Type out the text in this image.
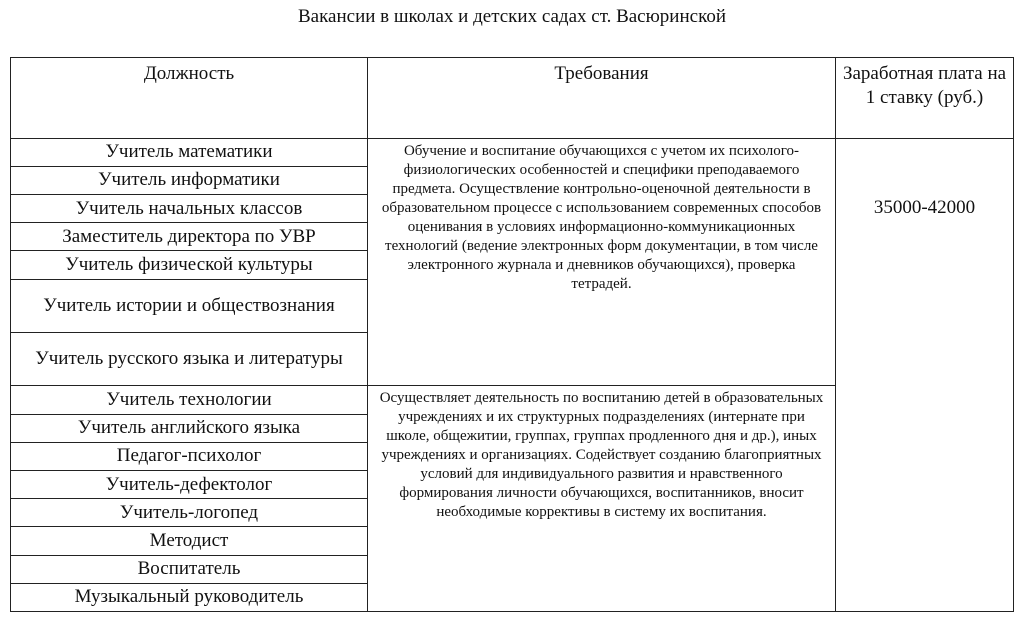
Вакансии в школах и детских садах ст. Васюринской
Должность	Требования	Заработная плата на 1 ставку (руб.)
Учитель математики	Обучение и воспитание обучающихся с учетом их психолого-физиологических особенностей и специфики преподаваемого предмета. Осуществление контрольно-оценочной деятельности в образовательном процессе с использованием современных способов оценивания в условиях информационно-коммуникационных технологий (ведение электронных форм документации, в том числе электронного журнала и дневников обучающихся), проверка тетрадей.	35000-42000
Учитель информатики		
Учитель начальных классов		
Заместитель директора по УВР		
Учитель физической культуры		
Учитель истории и обществознания		
Учитель русского языка и литературы		
Учитель технологии	Осуществляет деятельность по воспитанию детей в образовательных учреждениях и их структурных подразделениях (интернате при школе, общежитии, группах, группах продленного дня и др.), иных учреждениях и организациях. Содействует созданию благоприятных условий для индивидуального развития и нравственного формирования личности обучающихся, воспитанников, вносит необходимые коррективы в систему их воспитания.	
Учитель английского языка		
Педагог-психолог		
Учитель-дефектолог		
Учитель-логопед		
Методист		
Воспитатель		
Музыкальный руководитель		
